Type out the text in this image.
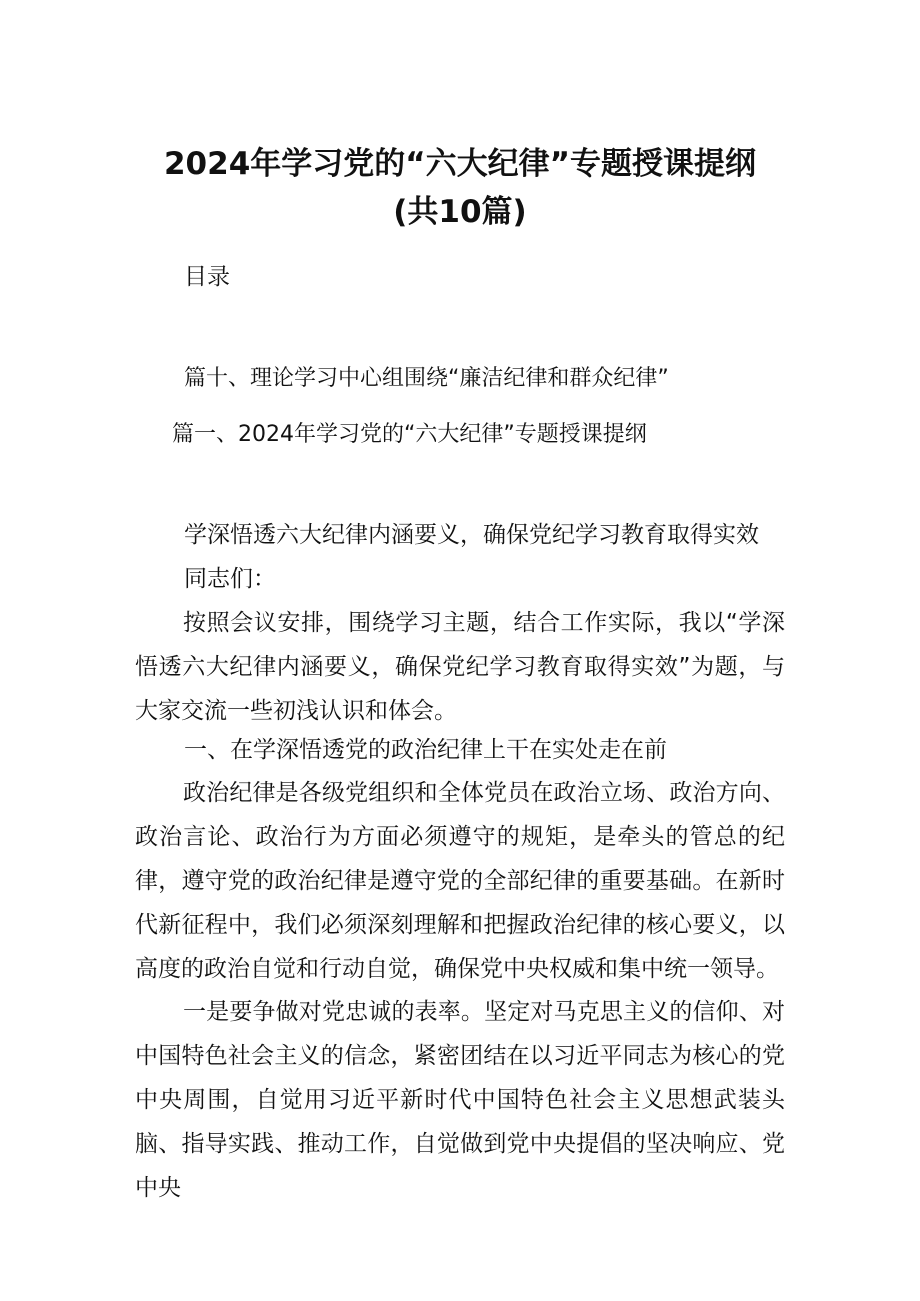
2024年学习党的“六大纪律”专题授课提纲
(共10篇)
目录
篇十、理论学习中心组围绕“廉洁纪律和群众纪律”
篇一、2024年学习党的“六大纪律”专题授课提纲
学深悟透六大纪律内涵要义，确保党纪学习教育取得实效
同志们：
按照会议安排，围绕学习主题，结合工作实际，我以“学深悟透六大纪律内涵要义，确保党纪学习教育取得实效”为题，与大家交流一些初浅认识和体会。
一、在学深悟透党的政治纪律上干在实处走在前
政治纪律是各级党组织和全体党员在政治立场、政治方向、政治言论、政治行为方面必须遵守的规矩，是牵头的管总的纪律，遵守党的政治纪律是遵守党的全部纪律的重要基础。在新时代新征程中，我们必须深刻理解和把握政治纪律的核心要义，以高度的政治自觉和行动自觉，确保党中央权威和集中统一领导。
一是要争做对党忠诚的表率。坚定对马克思主义的信仰、对中国特色社会主义的信念，紧密团结在以习近平同志为核心的党中央周围，自觉用习近平新时代中国特色社会主义思想武装头脑、指导实践、推动工作，自觉做到党中央提倡的坚决响应、党中央
